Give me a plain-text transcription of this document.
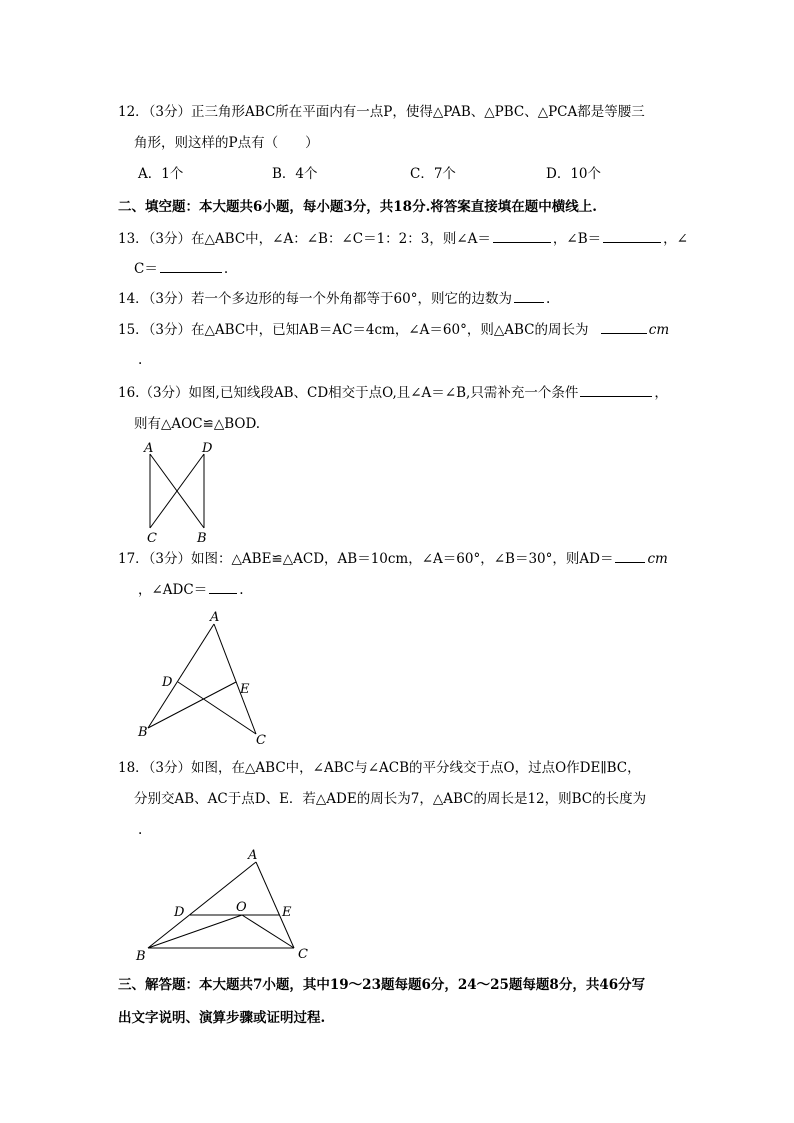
12．（3分）正三角形ABC所在平面内有一点P，使得△PAB、△PBC、△PCA都是等腰三
角形，则这样的P点有（　　）
A．1个	B．4个	C．7个	D．10个
二、填空题：本大题共6小题，每小题3分，共18分.将答案直接填在题中横线上.
13．（3分）在△ABC中，∠A：∠B：∠C＝1：2：3，则∠A＝	，∠B＝	，∠
C＝	.
14．（3分）若一个多边形的每一个外角都等于60°，则它的边数为	.
15．（3分）在△ABC中，已知AB＝AC＝4cm，∠A＝60°，则△ABC的周长为	cm
.
16.（3分）如图,已知线段AB、CD相交于点O,且∠A＝∠B,只需补充一个条件	，
则有△AOC≌△BOD.
A	D
C	B
17．（3分）如图：△ABE≌△ACD，AB＝10cm，∠A＝60°，∠B＝30°，则AD＝	cm
，∠ADC＝ .
A
D	E
B
C
18．（3分）如图，在△ABC中，∠ABC与∠ACB的平分线交于点O，过点O作DE∥BC，
分别交AB、AC于点D、E．若△ADE的周长为7，△ABC的周长是12，则BC的长度为
.
A
D	O	E
B	C
三、解答题：本大题共7小题，其中19～23题每题6分，24～25题每题8分，共46分写
出文字说明、演算步骤或证明过程.
